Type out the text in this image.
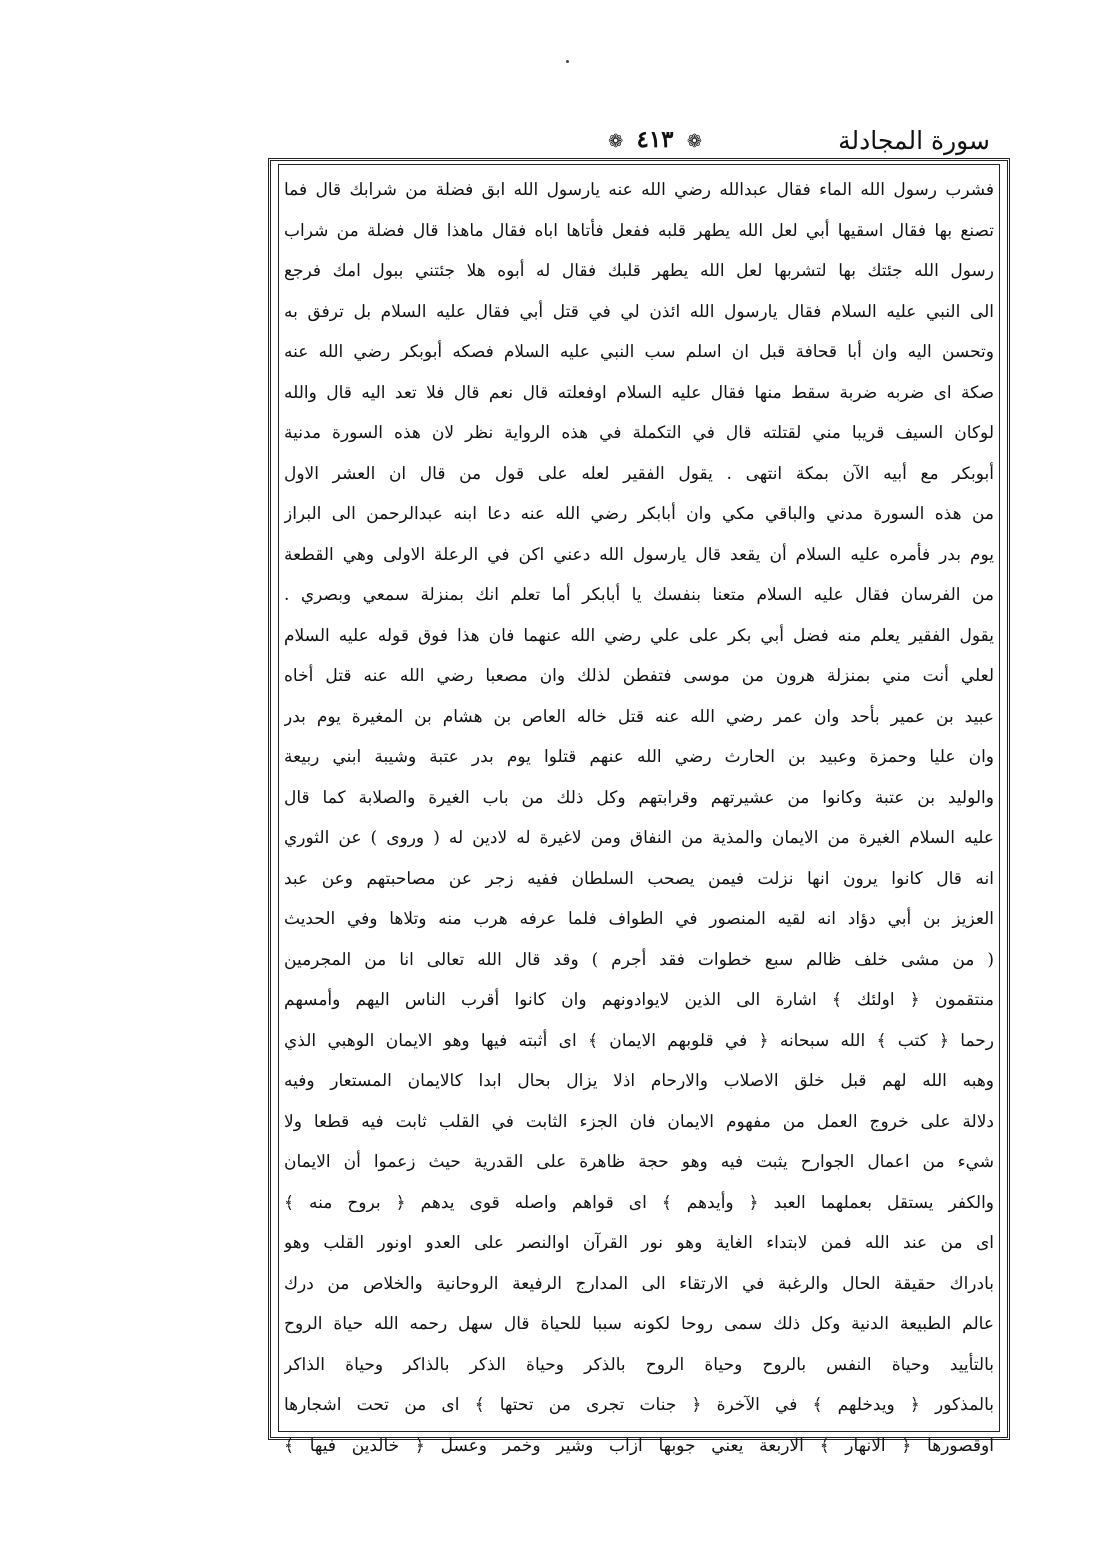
❁ ٤١٣ ❁	سورة المجادلة
فشرب رسول الله الماء فقال عبدالله رضي الله عنه يارسول الله ابق فضلة من شرابك قال فما
تصنع بها فقال اسقيها أبي لعل الله يطهر قلبه ففعل فأتاها اباه فقال ماهذا قال فضلة من شراب
رسول الله جئتك بها لتشربها لعل الله يطهر قلبك فقال له أبوه هلا جئتني ببول امك فرجع
الى النبي عليه السلام فقال يارسول الله ائذن لي في قتل أبي فقال عليه السلام بل ترفق به
وتحسن اليه وان أبا قحافة قبل ان اسلم سب النبي عليه السلام فصكه أبوبكر رضي الله عنه
صكة اى ضربه ضربة سقط منها فقال عليه السلام اوفعلته قال نعم قال فلا تعد اليه قال والله
لوكان السيف قريبا مني لقتلته قال في التكملة في هذه الرواية نظر لان هذه السورة مدنية
أبوبكر مع أبيه الآن بمكة انتهى . يقول الفقير لعله على قول من قال ان العشر الاول
من هذه السورة مدني والباقي مكي وان أبابكر رضي الله عنه دعا ابنه عبدالرحمن الى البراز
يوم بدر فأمره عليه السلام أن يقعد قال يارسول الله دعني اكن في الرعلة الاولى وهي القطعة
من الفرسان فقال عليه السلام متعنا بنفسك يا أبابكر أما تعلم انك بمنزلة سمعي وبصري .
يقول الفقير يعلم منه فضل أبي بكر على علي رضي الله عنهما فان هذا فوق قوله عليه السلام
لعلي أنت مني بمنزلة هرون من موسى فتفطن لذلك وان مصعبا رضي الله عنه قتل أخاه
عبيد بن عمير بأحد وان عمر رضي الله عنه قتل خاله العاص بن هشام بن المغيرة يوم بدر
وان عليا وحمزة وعبيد بن الحارث رضي الله عنهم قتلوا يوم بدر عتبة وشيبة ابني ربيعة
والوليد بن عتبة وكانوا من عشيرتهم وقرابتهم وكل ذلك من باب الغيرة والصلابة كما قال
عليه السلام الغيرة من الايمان والمذية من النفاق ومن لاغيرة له لادين له ( وروى ) عن الثوري
انه قال كانوا يرون انها نزلت فيمن يصحب السلطان ففيه زجر عن مصاحبتهم وعن عبد
العزيز بن أبي دؤاد انه لقيه المنصور في الطواف فلما عرفه هرب منه وتلاها وفي الحديث
( من مشى خلف ظالم سبع خطوات فقد أجرم ) وقد قال الله تعالى انا من المجرمين
منتقمون ﴿ اولئك ﴾ اشارة الى الذين لايوادونهم وان كانوا أقرب الناس اليهم وأمسهم
رحما ﴿ كتب ﴾ الله سبحانه ﴿ في قلوبهم الايمان ﴾ اى أثبته فيها وهو الايمان الوهبي الذي
وهبه الله لهم قبل خلق الاصلاب والارحام اذلا يزال بحال ابدا كالايمان المستعار وفيه
دلالة على خروج العمل من مفهوم الايمان فان الجزء الثابت في القلب ثابت فيه قطعا ولا
شيء من اعمال الجوارح يثبت فيه وهو حجة ظاهرة على القدرية حيث زعموا أن الايمان
والكفر يستقل بعملهما العبد ﴿ وأيدهم ﴾ اى قواهم واصله قوى يدهم ﴿ بروح منه ﴾
اى من عند الله فمن لابتداء الغاية وهو نور القرآن اوالنصر على العدو اونور القلب وهو
بادراك حقيقة الحال والرغبة في الارتقاء الى المدارج الرفيعة الروحانية والخلاص من درك
عالم الطبيعة الدنية وكل ذلك سمى روحا لكونه سببا للحياة قال سهل رحمه الله حياة الروح
بالتأييد وحياة النفس بالروح وحياة الروح بالذكر وحياة الذكر بالذاكر وحياة الذاكر
بالمذكور ﴿ ويدخلهم ﴾ في الآخرة ﴿ جنات تجرى من تحتها ﴾ اى من تحت اشجارها
اوقصورها ﴿ الانهار ﴾ الاربعة يعني جوبها ازاب وشير وخمر وعسل ﴿ خالدين فيها ﴾
